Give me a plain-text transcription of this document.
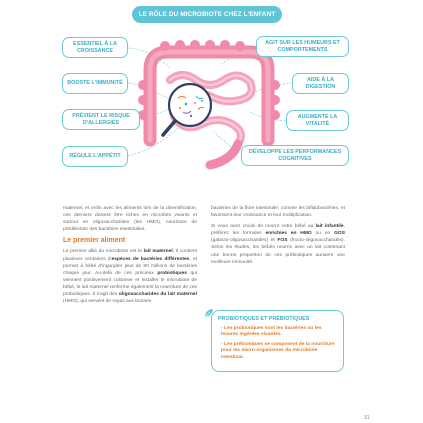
LE RÔLE DU MICROBIOTE CHEZ L'ENFANT
ESSENTIEL À LA CROISSANCE
BOOSTE L'IMMUNITÉ
PRÉVIENT LE RISQUE D'ALLERGIES
RÉGULE L'APPÉTIT
AGIT SUR LES HUMEURS ET COMPORTEMENTS
AIDE À LA DIGESTION
AUGMENTE LA VITALITÉ
DÉVELOPPE LES PERFORMANCES COGNITIVES

maternel, et enfin avec les aliments lors de la diversification, ces derniers doivent être riches en microbes vivants et surtout en oligosaccharides (les HMO), nourriture de prédilection des bactéries intestinales.

Le premier aliment

Le premier allié du microbiote est le lait maternel. Il contient plusieurs centaines d'espèces de bactéries différentes, et permet à bébé d'ingurgiter plus de 80 millions de bactéries chaque jour. Au-delà de ces précieux probiotiques qui viennent positivement coloniser et installer le microbiote de bébé, le lait maternel renferme également la nourriture de ces probiotiques. Il s'agit des oligosaccharides du lait maternel (HMO), qui servent de repas aux bonnes

bactéries de la flore intestinale, comme les bifidobactéries, et favorisent leur croissance et leur multiplication.

Si vous avez choisi de nourrir votre bébé au lait infantile, préférez les formules enrichies en HMO ou en GOS (galacto-oligosaccharides) et FOS (fructo-oligosaccharides). Selon les études, les bébés nourris avec un lait contenant une bonne proportion de ces prébiotiques auraient une meilleure immunité.

PROBIOTIQUES ET PRÉBIOTIQUES
- Les probiotiques sont les bactéries ou les levures ingérées vivantes.
- Les prébiotiques se composent de la nourriture pour les micro-organismes du microbiote intestinal.
31
